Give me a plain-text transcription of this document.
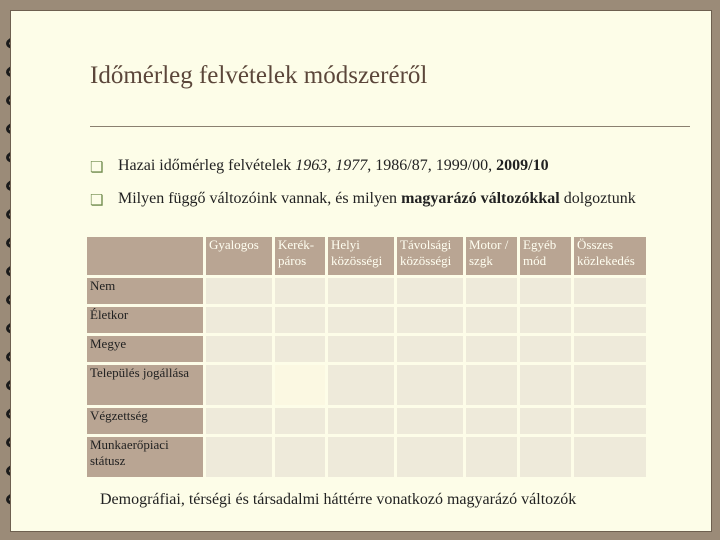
Időmérleg felvételek módszeréről
❏ Hazai időmérleg felvételek 1963, 1977, 1986/87, 1999/00, 2009/10
❏ Milyen függő változóink vannak, és milyen magyarázó változókkal dolgoztunk
	Gyalogos	Kerék- páros	Helyi közösségi	Távolsági közösségi	Motor / szgk	Egyéb mód	Összes közlekedés
Nem							
Életkor							
Megye							
Település jogállása							
Végzettség							
Munkaerőpiaci státusz							
Demográfiai, térségi és társadalmi háttérre vonatkozó magyarázó változók
